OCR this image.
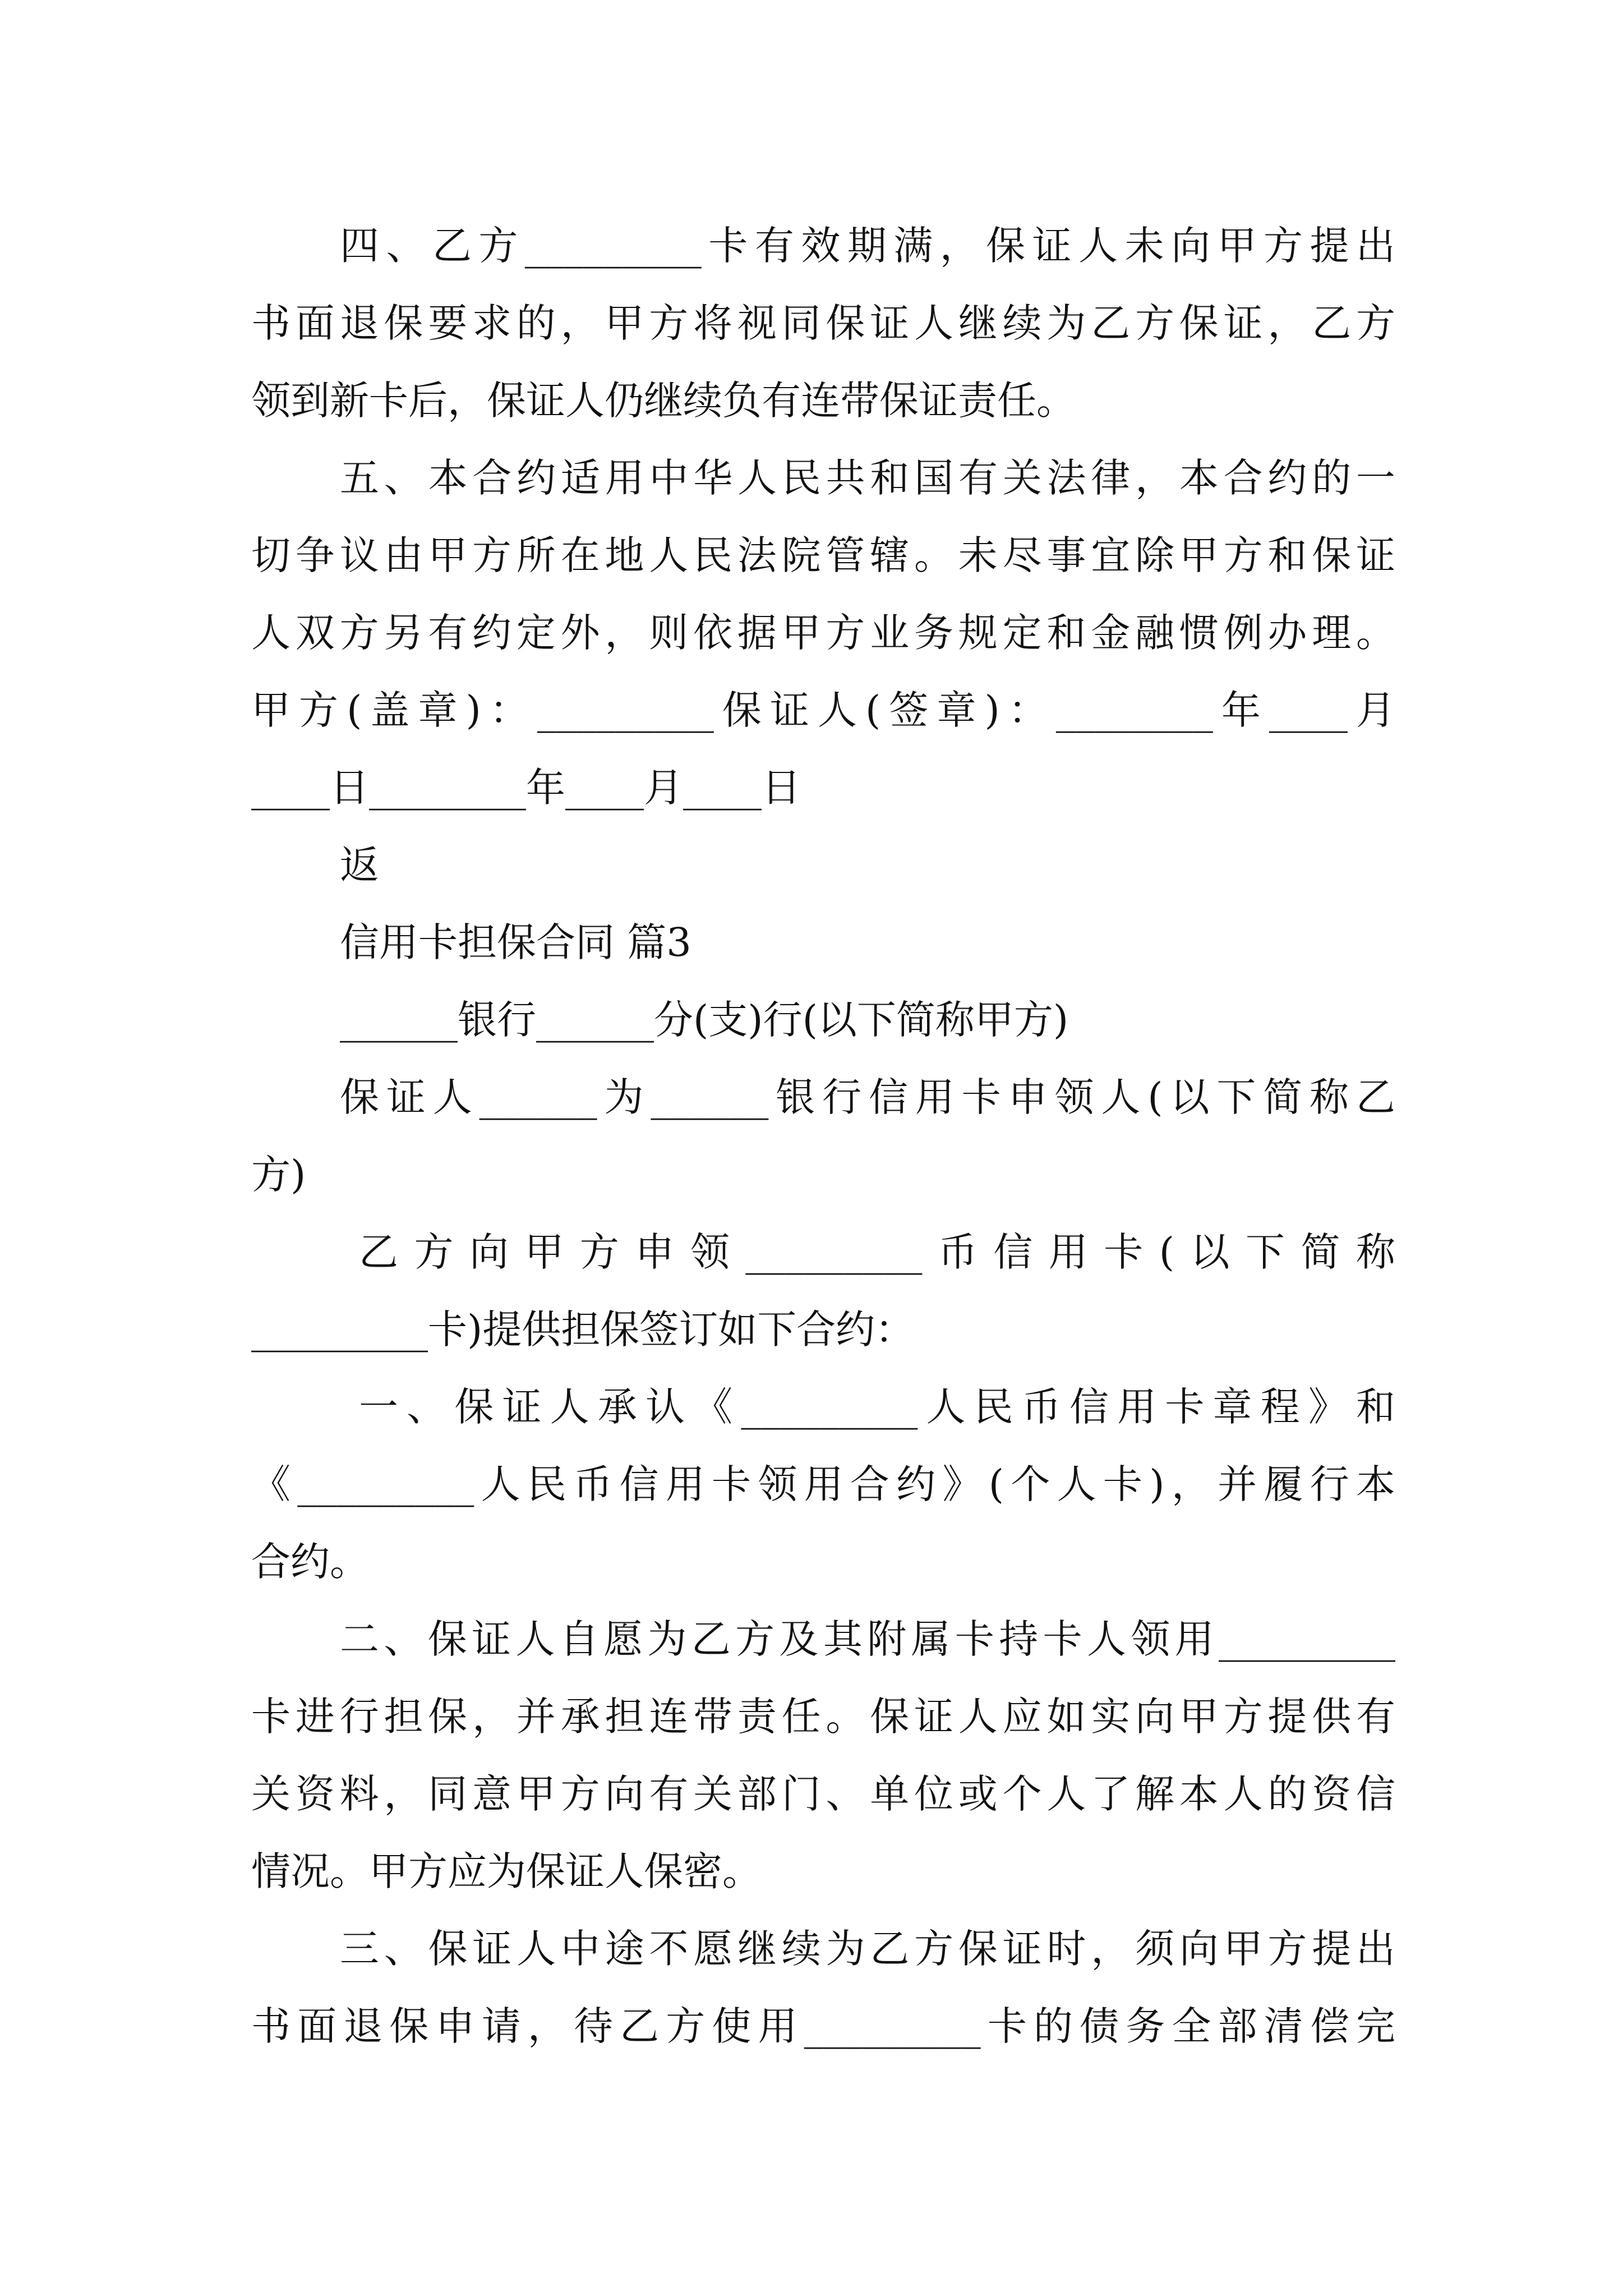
四、乙方_________卡有效期满，保证人未向甲方提出
书面退保要求的，甲方将视同保证人继续为乙方保证，乙方
领到新卡后，保证人仍继续负有连带保证责任。
五、本合约适用中华人民共和国有关法律，本合约的一
切争议由甲方所在地人民法院管辖。未尽事宜除甲方和保证
人双方另有约定外，则依据甲方业务规定和金融惯例办理。
甲方(盖章)：_________保证人(签章)：________年____月
____日________年____月____日
返
信用卡担保合同 篇3
______银行______分(支)行(以下简称甲方)
保证人______为______银行信用卡申领人(以下简称乙
方)
乙方向甲方申领_________币信用卡(以下简称
_________卡)提供担保签订如下合约：
一、保证人承认《_________人民币信用卡章程》和
《_________人民币信用卡领用合约》(个人卡)，并履行本
合约。
二、保证人自愿为乙方及其附属卡持卡人领用_________
卡进行担保，并承担连带责任。保证人应如实向甲方提供有
关资料，同意甲方向有关部门、单位或个人了解本人的资信
情况。甲方应为保证人保密。
三、保证人中途不愿继续为乙方保证时，须向甲方提出
书面退保申请，待乙方使用_________卡的债务全部清偿完
